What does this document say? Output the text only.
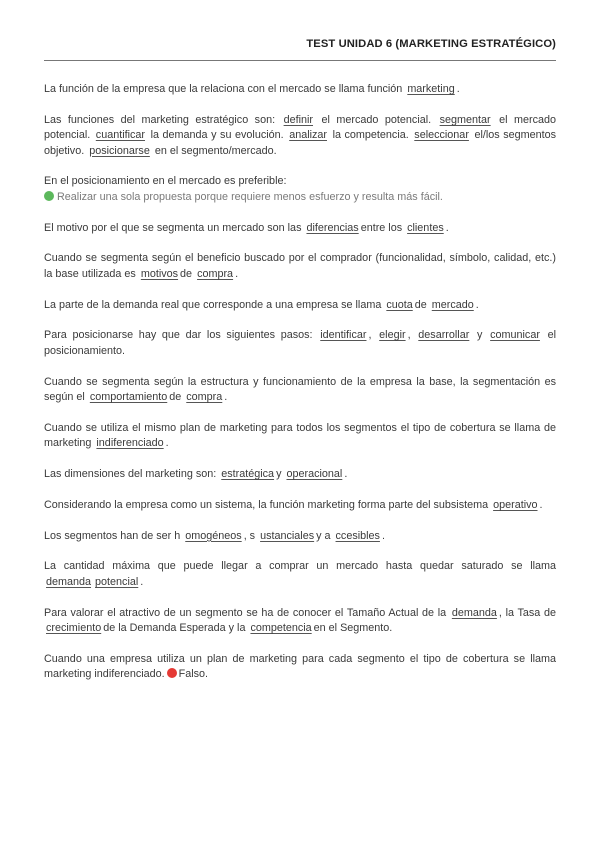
TEST UNIDAD 6 (MARKETING ESTRATÉGICO)

La función de la empresa que la relaciona con el mercado se llama función marketing .

Las funciones del marketing estratégico son: definir el mercado potencial. segmentar el mercado potencial. cuantificar la demanda y su evolución. analizar la competencia. seleccionar el/los segmentos objetivo. posicionarse en el segmento/mercado.

En el posicionamiento en el mercado es preferible:

Realizar una sola propuesta porque requiere menos esfuerzo y resulta más fácil.

El motivo por el que se segmenta un mercado son las diferencias entre los clientes .

Cuando se segmenta según el beneficio buscado por el comprador (funcionalidad, símbolo, calidad, etc.) la base utilizada es motivos de compra .

La parte de la demanda real que corresponde a una empresa se llama cuota de mercado .

Para posicionarse hay que dar los siguientes pasos: identificar , elegir , desarrollar y comunicar el posicionamiento.

Cuando se segmenta según la estructura y funcionamiento de la empresa la base, la segmentación es según el comportamiento de compra .

Cuando se utiliza el mismo plan de marketing para todos los segmentos el tipo de cobertura se llama de marketing indiferenciado .

Las dimensiones del marketing son: estratégica y operacional .

Considerando la empresa como un sistema, la función marketing forma parte del subsistema operativo .

Los segmentos han de ser h omogéneos , s ustanciales y a ccesibles .

La cantidad máxima que puede llegar a comprar un mercado hasta quedar saturado se llama demanda potencial .

Para valorar el atractivo de un segmento se ha de conocer el Tamaño Actual de la demanda , la Tasa de crecimiento de la Demanda Esperada y la competencia en el Segmento.

Cuando una empresa utiliza un plan de marketing para cada segmento el tipo de cobertura se llama marketing indiferenciado. Falso.
